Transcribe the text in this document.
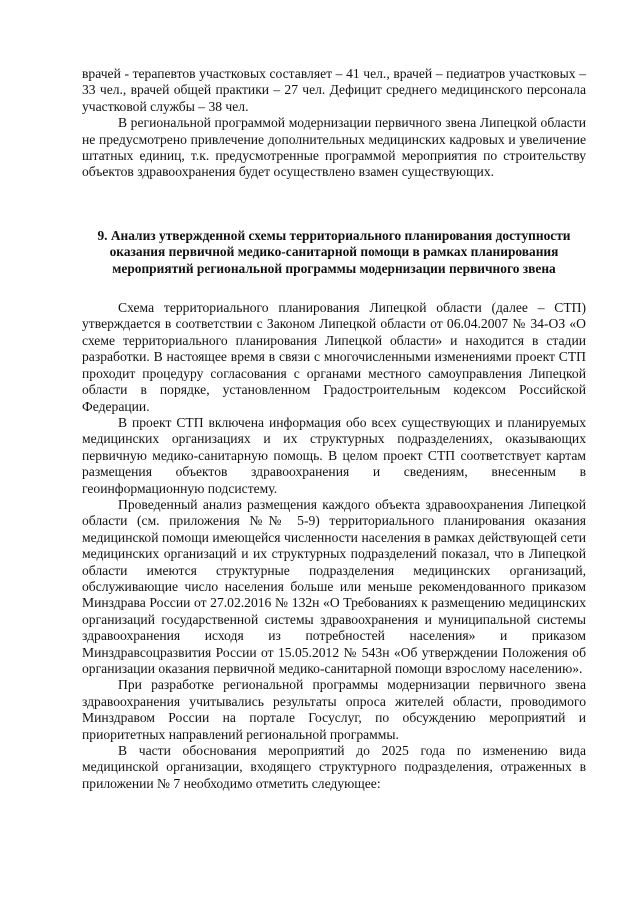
врачей - терапевтов участковых составляет – 41 чел., врачей – педиатров участковых – 33 чел., врачей общей практики – 27 чел. Дефицит среднего медицинского персонала участковой службы – 38 чел.

В региональной программой модернизации первичного звена Липецкой области не предусмотрено привлечение дополнительных медицинских кадровых и увеличение штатных единиц, т.к. предусмотренные программой мероприятия по строительству объектов здравоохранения будет осуществлено взамен существующих.

9. Анализ утвержденной схемы территориального планирования доступности оказания первичной медико-санитарной помощи в рамках планирования мероприятий региональной программы модернизации первичного звена

Схема территориального планирования Липецкой области (далее – СТП) утверждается в соответствии с Законом Липецкой области от 06.04.2007 № 34-ОЗ «О схеме территориального планирования Липецкой области» и находится в стадии разработки. В настоящее время в связи с многочисленными изменениями проект СТП проходит процедуру согласования с органами местного самоуправления Липецкой области в порядке, установленном Градостроительным кодексом Российской Федерации.

В проект СТП включена информация обо всех существующих и планируемых медицинских организациях и их структурных подразделениях, оказывающих первичную медико-санитарную помощь. В целом проект СТП соответствует картам размещения объектов здравоохранения и сведениям, внесенным в геоинформационную подсистему.

Проведенный анализ размещения каждого объекта здравоохранения Липецкой области (см. приложения №№ 5-9) территориального планирования оказания медицинской помощи имеющейся численности населения в рамках действующей сети медицинских организаций и их структурных подразделений показал, что в Липецкой области имеются структурные подразделения медицинских организаций, обслуживающие число населения больше или меньше рекомендованного приказом Минздрава России от 27.02.2016 № 132н «О Требованиях к размещению медицинских организаций государственной системы здравоохранения и муниципальной системы здравоохранения исходя из потребностей населения» и приказом Минздравсоцразвития России от 15.05.2012 № 543н «Об утверждении Положения об организации оказания первичной медико-санитарной помощи взрослому населению».

При разработке региональной программы модернизации первичного звена здравоохранения учитывались результаты опроса жителей области, проводимого Минздравом России на портале Госуслуг, по обсуждению мероприятий и приоритетных направлений региональной программы.

В части обоснования мероприятий до 2025 года по изменению вида медицинской организации, входящего структурного подразделения, отраженных в приложении № 7 необходимо отметить следующее:
